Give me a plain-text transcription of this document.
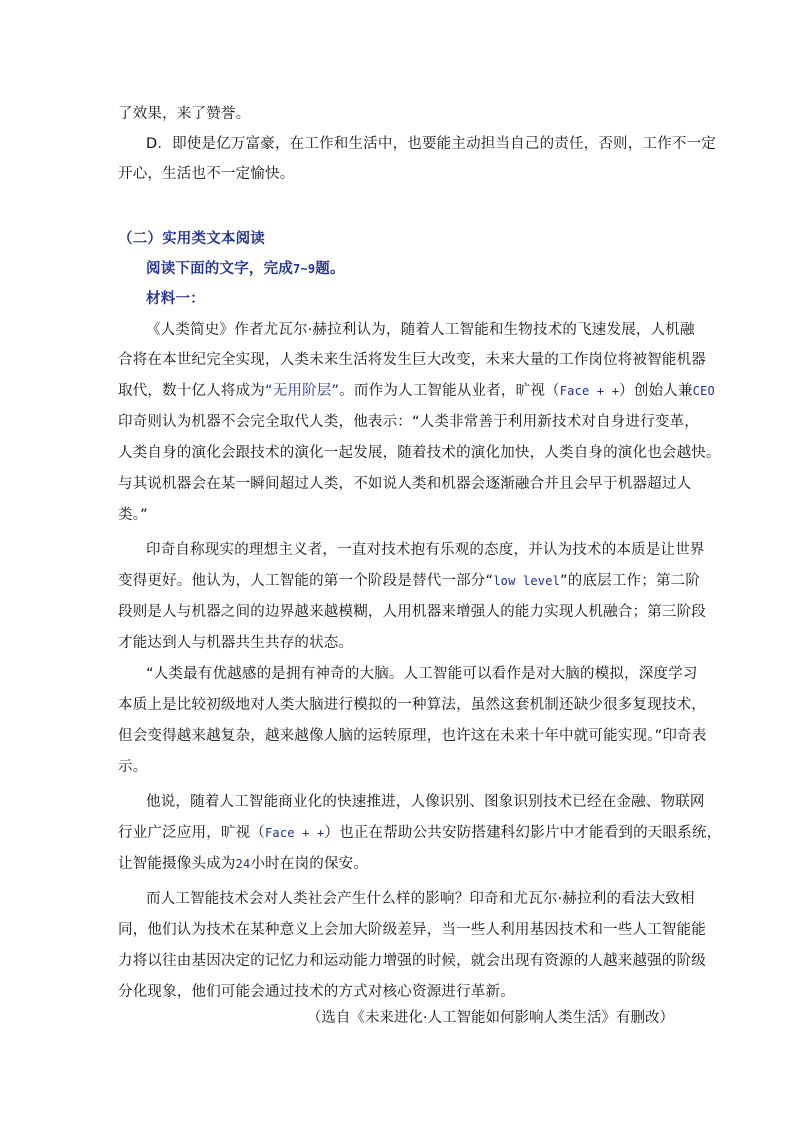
了效果，来了赞誉。
D．即使是亿万富豪，在工作和生活中，也要能主动担当自己的责任，否则，工作不一定
开心，生活也不一定愉快。
（二）实用类文本阅读
阅读下面的文字，完成7~9题。
材料一：
《人类简史》作者尤瓦尔·赫拉利认为，随着人工智能和生物技术的飞速发展，人机融
合将在本世纪完全实现，人类未来生活将发生巨大改变，未来大量的工作岗位将被智能机器
取代，数十亿人将成为“无用阶层”。而作为人工智能从业者，旷视（Face + +）创始人兼CEO
印奇则认为机器不会完全取代人类，他表示：“人类非常善于利用新技术对自身进行变革，
人类自身的演化会跟技术的演化一起发展，随着技术的演化加快，人类自身的演化也会越快。
与其说机器会在某一瞬间超过人类，不如说人类和机器会逐渐融合并且会早于机器超过人
类。”
印奇自称现实的理想主义者，一直对技术抱有乐观的态度，并认为技术的本质是让世界
变得更好。他认为，人工智能的第一个阶段是替代一部分“low level”的底层工作；第二阶
段则是人与机器之间的边界越来越模糊，人用机器来增强人的能力实现人机融合；第三阶段
才能达到人与机器共生共存的状态。
“人类最有优越感的是拥有神奇的大脑。人工智能可以看作是对大脑的模拟，深度学习
本质上是比较初级地对人类大脑进行模拟的一种算法，虽然这套机制还缺少很多复现技术，
但会变得越来越复杂，越来越像人脑的运转原理，也许这在未来十年中就可能实现。”印奇表
示。
他说，随着人工智能商业化的快速推进，人像识别、图象识别技术已经在金融、物联网
行业广泛应用，旷视（Face + +）也正在帮助公共安防搭建科幻影片中才能看到的天眼系统，
让智能摄像头成为24小时在岗的保安。
而人工智能技术会对人类社会产生什么样的影响？印奇和尤瓦尔·赫拉利的看法大致相
同，他们认为技术在某种意义上会加大阶级差异，当一些人利用基因技术和一些人工智能能
力将以往由基因决定的记忆力和运动能力增强的时候，就会出现有资源的人越来越强的阶级
分化现象，他们可能会通过技术的方式对核心资源进行革新。
（选自《未来进化·人工智能如何影响人类生活》有删改）
